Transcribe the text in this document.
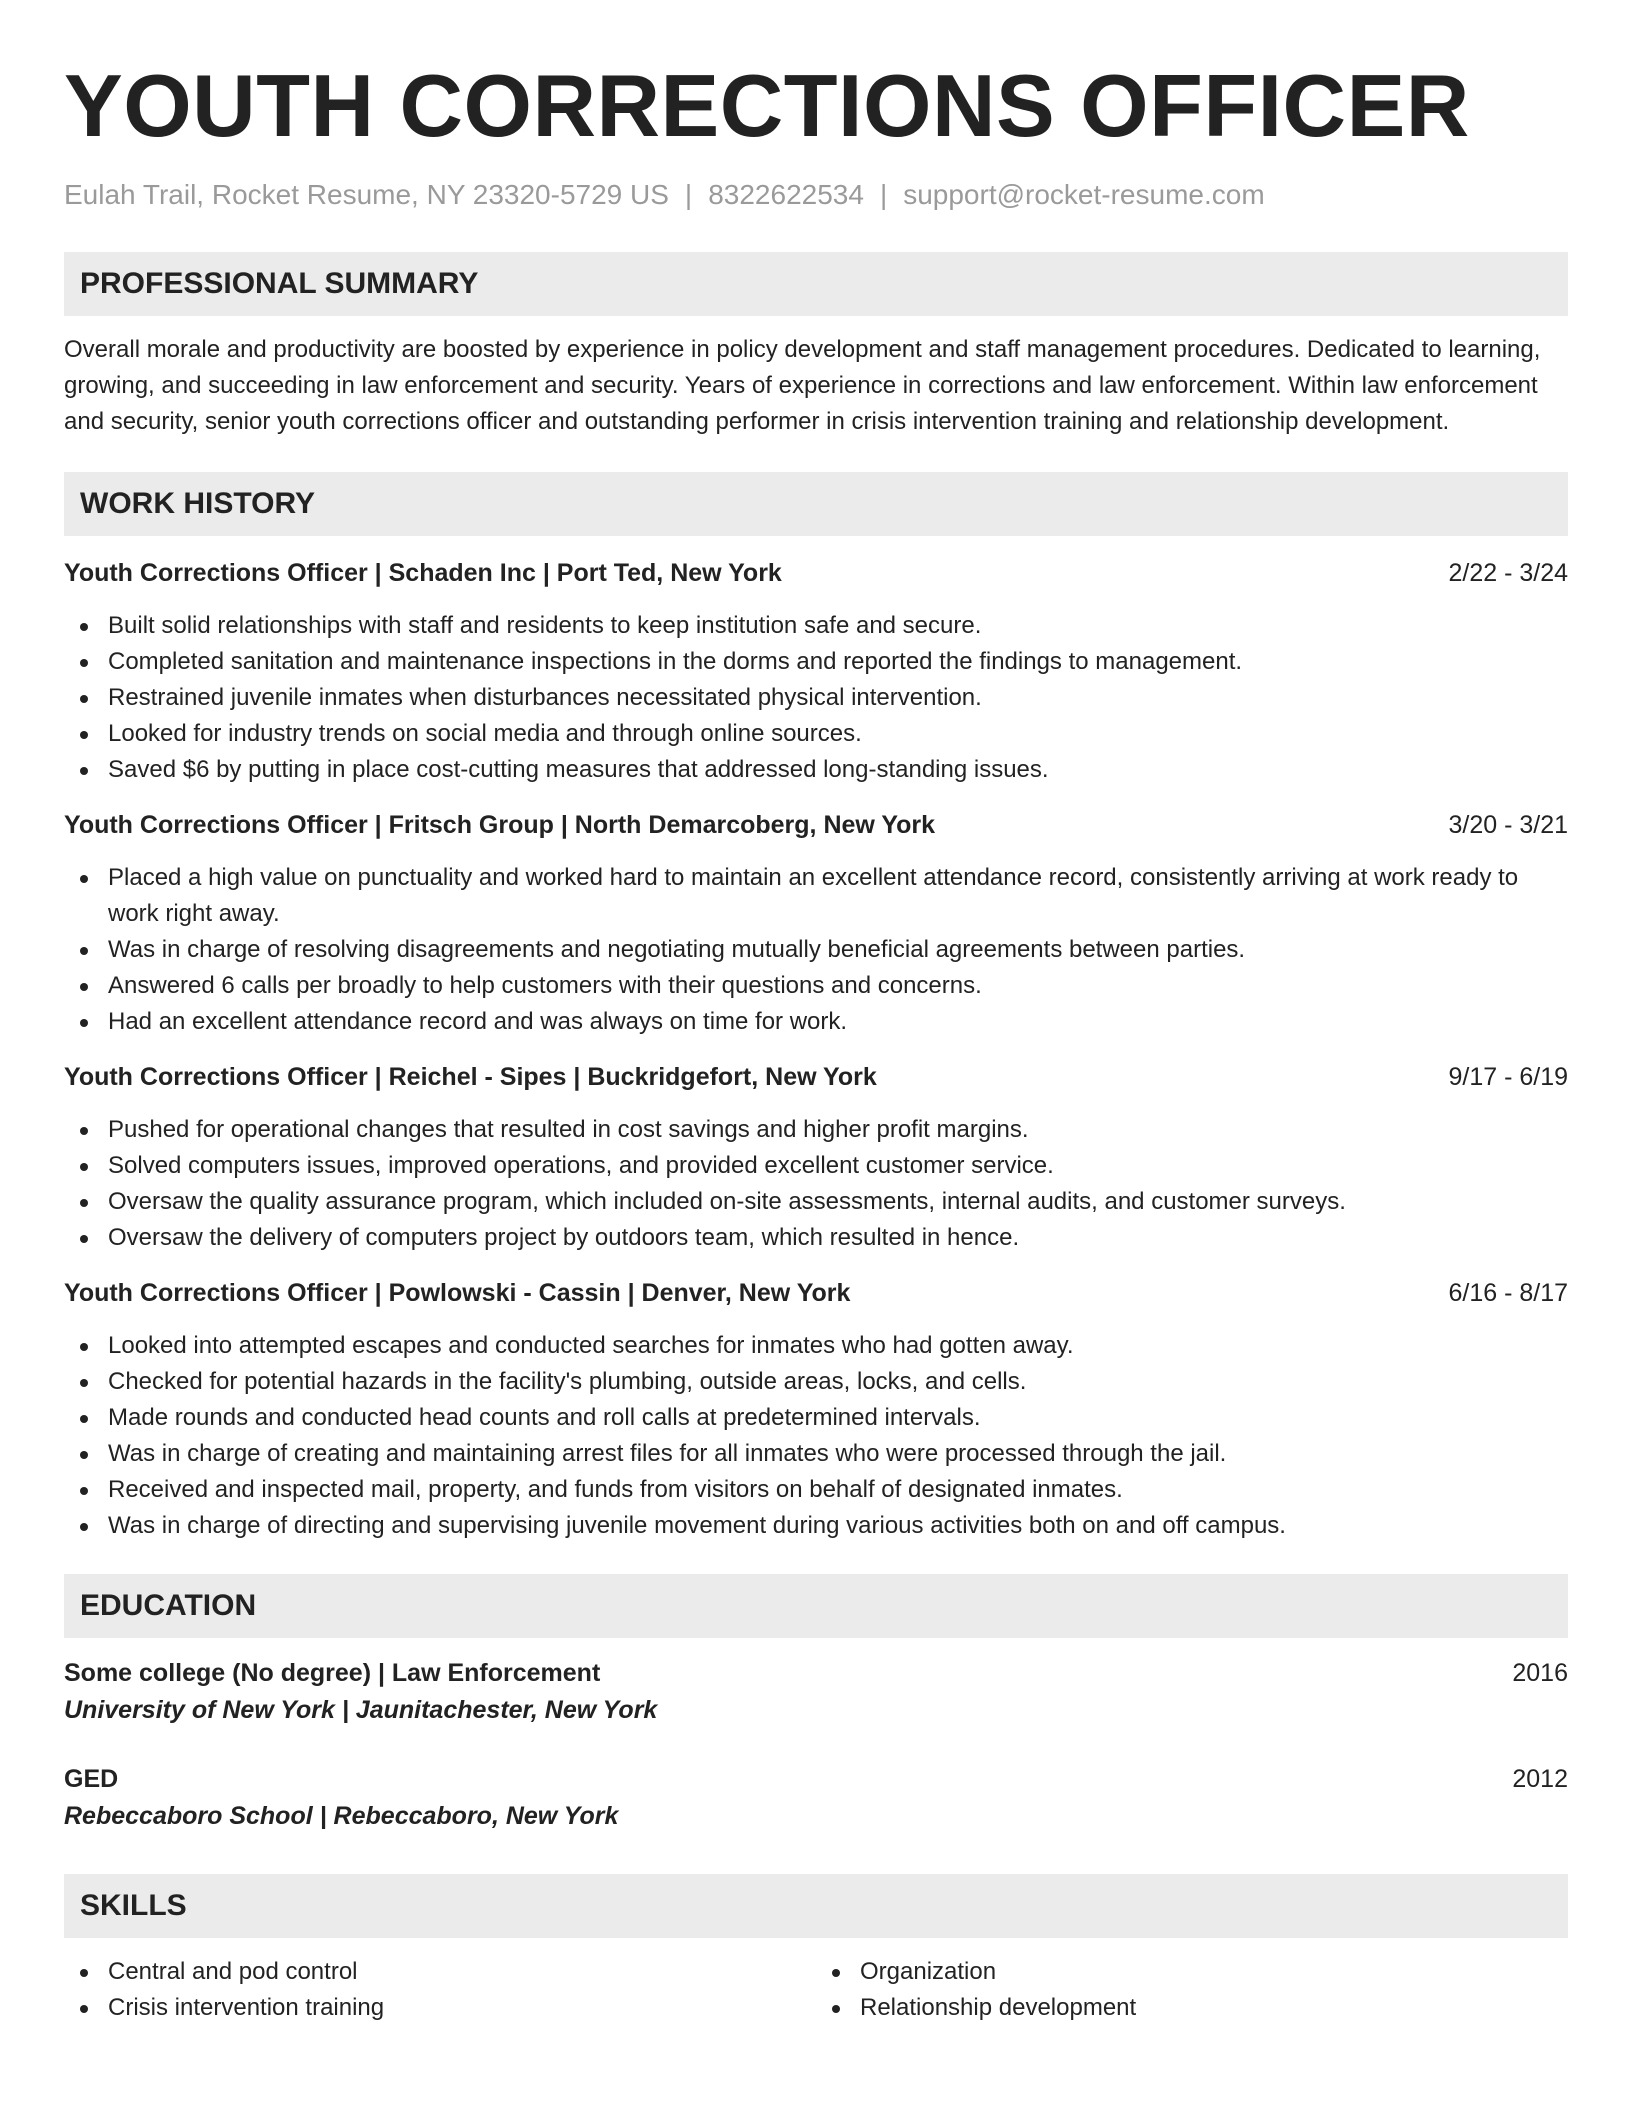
YOUTH CORRECTIONS OFFICER
Eulah Trail, Rocket Resume, NY 23320-5729 US | 8322622534 | support@rocket-resume.com
PROFESSIONAL SUMMARY

Overall morale and productivity are boosted by experience in policy development and staff management procedures. Dedicated to learning, growing, and succeeding in law enforcement and security. Years of experience in corrections and law enforcement. Within law enforcement and security, senior youth corrections officer and outstanding performer in crisis intervention training and relationship development.

WORK HISTORY
Youth Corrections Officer | Schaden Inc | Port Ted, New York	2/22 - 3/24
Built solid relationships with staff and residents to keep institution safe and secure.
Completed sanitation and maintenance inspections in the dorms and reported the findings to management.
Restrained juvenile inmates when disturbances necessitated physical intervention.
Looked for industry trends on social media and through online sources.
Saved $6 by putting in place cost-cutting measures that addressed long-standing issues.
Youth Corrections Officer | Fritsch Group | North Demarcoberg, New York	3/20 - 3/21
Placed a high value on punctuality and worked hard to maintain an excellent attendance record, consistently arriving at work ready to work right away.
Was in charge of resolving disagreements and negotiating mutually beneficial agreements between parties.
Answered 6 calls per broadly to help customers with their questions and concerns.
Had an excellent attendance record and was always on time for work.
Youth Corrections Officer | Reichel - Sipes | Buckridgefort, New York	9/17 - 6/19
Pushed for operational changes that resulted in cost savings and higher profit margins.
Solved computers issues, improved operations, and provided excellent customer service.
Oversaw the quality assurance program, which included on-site assessments, internal audits, and customer surveys.
Oversaw the delivery of computers project by outdoors team, which resulted in hence.
Youth Corrections Officer | Powlowski - Cassin | Denver, New York	6/16 - 8/17
Looked into attempted escapes and conducted searches for inmates who had gotten away.
Checked for potential hazards in the facility's plumbing, outside areas, locks, and cells.
Made rounds and conducted head counts and roll calls at predetermined intervals.
Was in charge of creating and maintaining arrest files for all inmates who were processed through the jail.
Received and inspected mail, property, and funds from visitors on behalf of designated inmates.
Was in charge of directing and supervising juvenile movement during various activities both on and off campus.
EDUCATION
Some college (No degree) | Law Enforcement	2016
University of New York | Jaunitachester, New York
GED	2012
Rebeccaboro School | Rebeccaboro, New York
SKILLS
Central and pod control
Crisis intervention training
Organization
Relationship development
